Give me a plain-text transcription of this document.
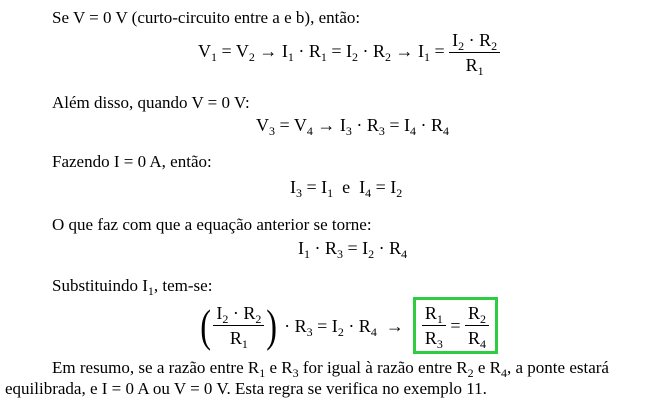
Se V = 0 V (curto-circuito entre a e b), então:
$V_1 = V_2 \to I_1 \cdot R_1 = I_2 \cdot R_2 \to I_1 = \frac{I_2 \cdot R_2}{R_1}$
Além disso, quando V = 0 V:
$V_3 = V_4 \to I_3 \cdot R_3 = I_4 \cdot R_4$
Fazendo I = 0 A, então:
$I_3 = I_1$  e  $I_4 = I_2$
O que faz com que a equação anterior se torne:
$I_1 \cdot R_3 = I_2 \cdot R_4$
Substituindo $I_1$, tem-se:
( $\frac{I_2 \cdot R_2}{R_1}$ ) · $R_3 = I_2 \cdot R_4 \to \frac{R_1}{R_3} = \frac{R_2}{R_4}$
Em resumo, se a razão entre $R_1$ e $R_3$ for igual à razão entre $R_2$ e $R_4$, a ponte estará
equilibrada, e I = 0 A ou V = 0 V. Esta regra se verifica no exemplo 11.
